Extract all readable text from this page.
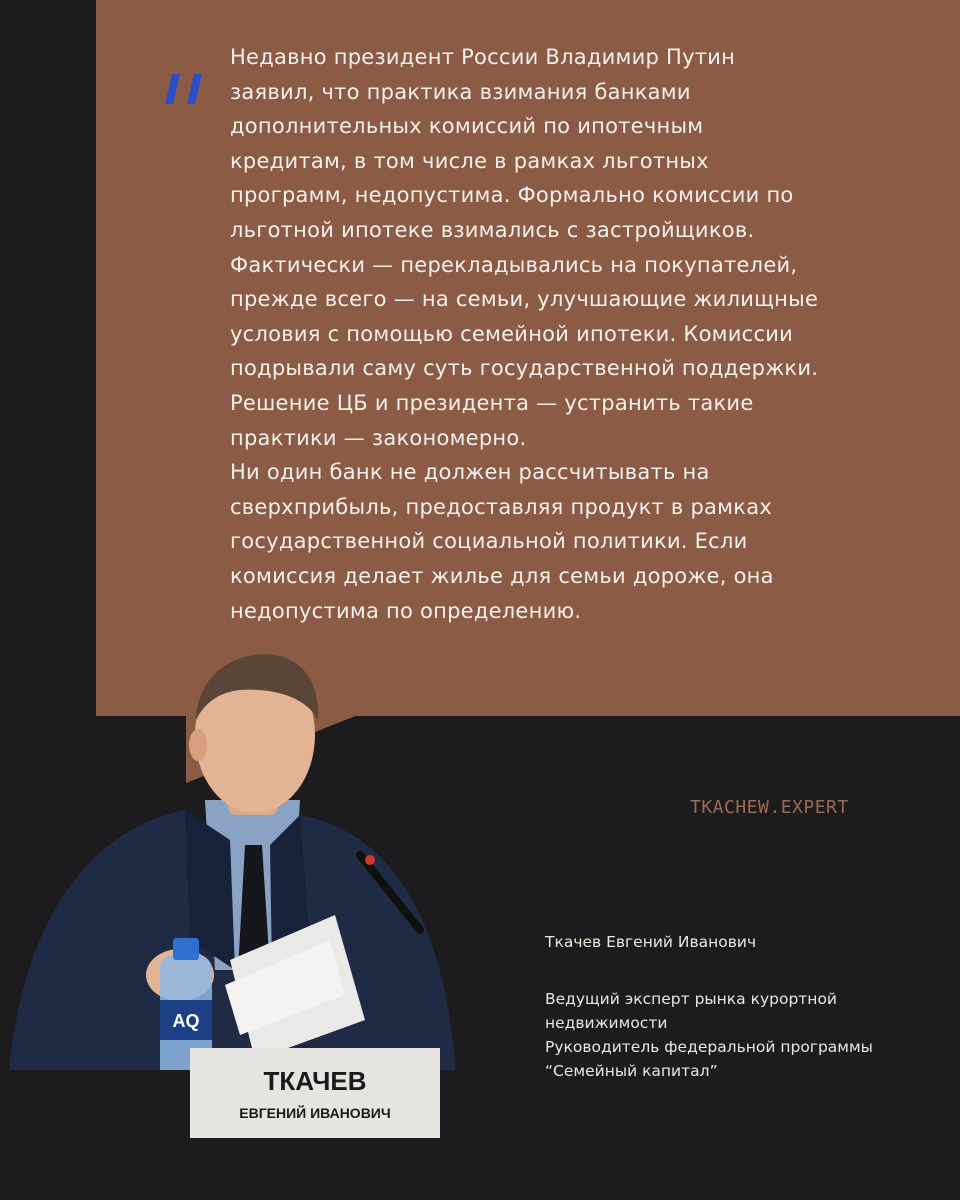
Недавно президент России Владимир Путин
заявил, что практика взимания банками
дополнительных комиссий по ипотечным
кредитам, в том числе в рамках льготных
программ, недопустима. Формально комиссии по
льготной ипотеке взимались с застройщиков.
Фактически — перекладывались на покупателей,
прежде всего — на семьи, улучшающие жилищные
условия с помощью семейной ипотеки. Комиссии
подрывали саму суть государственной поддержки.
Решение ЦБ и президента — устранить такие
практики — закономерно.
Ни один банк не должен рассчитывать на
сверхприбыль, предоставляя продукт в рамках
государственной социальной политики. Если
комиссия делает жилье для семьи дороже, она
недопустима по определению.

AQ
ТКАЧЕВ
ЕВГЕНИЙ ИВАНОВИЧ
TKACHEW.EXPERT
Ткачев Евгений Иванович
Ведущий эксперт рынка курортной
недвижимости
Руководитель федеральной программы
“Семейный капитал”
